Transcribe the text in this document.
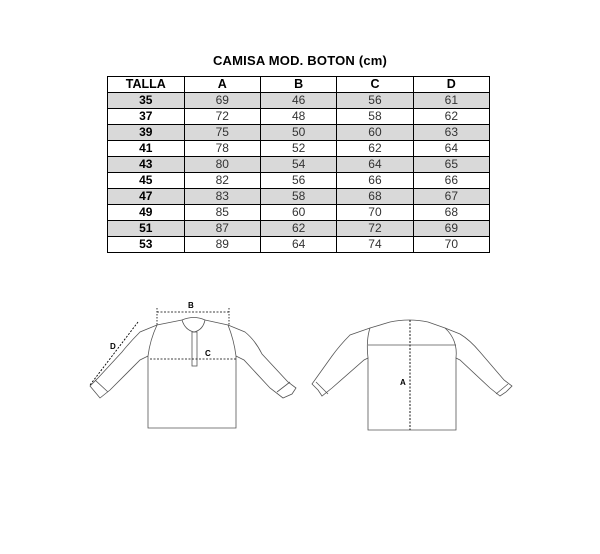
CAMISA MOD. BOTON (cm)
TALLA	A	B	C	D
35	69	46	56	61
37	72	48	58	62
39	75	50	60	63
41	78	52	62	64
43	80	54	64	65
45	82	56	66	66
47	83	58	68	67
49	85	60	70	68
51	87	62	72	69
53	89	64	74	70
B
C
D
A
